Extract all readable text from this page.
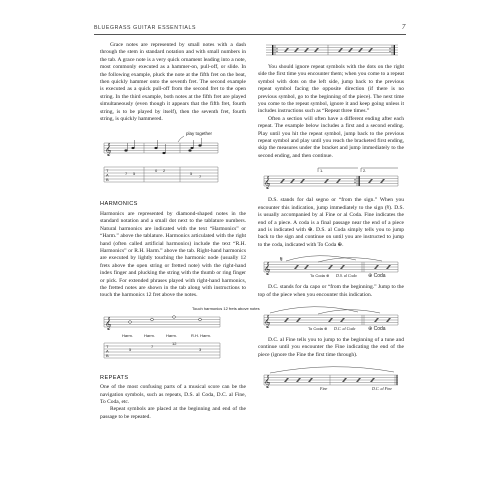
BLUEGRASS GUITAR ESSENTIALS	7

Grace notes are represented by small notes with a dash through the stem in standard notation and with small numbers in the tab. A grace note is a very quick ornament leading into a note, most commonly executed as a hammer-on, pull-off, or slide. In the following example, pluck the note at the fifth fret on the beat, then quickly hammer onto the seventh fret. The second example is executed as a quick pull-off from the second fret to the open string. In the third example, both notes at the fifth fret are played simultaneously (even though it appears that the fifth fret, fourth string, is to be played by itself), then the seventh fret, fourth string, is quickly hammered.

play together
𝄞
T
A
B
7 5
0 2
5
7
HARMONICS

Harmonics are represented by diamond-shaped notes in the standard notation and a small dot next to the tablature numbers. Natural harmonics are indicated with the text “Harmonics” or “Harm.” above the tablature. Harmonics articulated with the right hand (often called artificial harmonics) include the text “R.H. Harmonics” or R.H. Harm.” above the tab. Right-hand harmonics are executed by lightly touching the harmonic node (usually 12 frets above the open string or fretted note) with the right-hand index finger and plucking the string with the thumb or ring finger or pick. For extended phrases played with right-hand harmonics, the fretted notes are shown in the tab along with instructions to touch the harmonics 12 fret above the notes.

Touch harmonics 12 frets above notes
𝄞
Harm.	Harm.	Harm.	R.H. Harm.
T
A
B
5
7
12
3
REPEATS

One of the most confusing parts of a musical score can be the navigation symbols, such as repeats, D.S. al Coda, D.C. al Fine, To Coda, etc.

Repeat symbols are placed at the beginning and end of the passage to be repeated.

You should ignore repeat symbols with the dots on the right side the first time you encounter them; when you come to a repeat symbol with dots on the left side, jump back to the previous repeat symbol facing the opposite direction (if there is no previous symbol, go to the beginning of the piece). The next time you come to the repeat symbol, ignore it and keep going unless it includes instructions such as “Repeat three times.”

Often a section will often have a different ending after each repeat. The example below includes a first and a second ending. Play until you hit the repeat symbol, jump back to the previous repeat symbol and play until you reach the bracketed first ending, skip the measures under the bracket and jump immediately to the second ending, and then continue.

1.	2.
𝄞

D.S. stands for dal segno or “from the sign.” When you encounter this indication, jump immediately to the sign (𝄋). D.S. is usually accompanied by al Fine or al Coda. Fine indicates the end of a piece. A coda is a final passage near the end of a piece and is indicated with ⊕. D.S. al Coda simply tells you to jump back to the sign and continue on until you are instructed to jump to the coda, indicated with To Coda ⊕.

𝄞
𝄋
To Coda ⊕ D.S. al Coda ⊕ Coda

D.C. stands for da capo or “from the beginning.” Jump to the top of the piece when you encounter this indication.

𝄞
To Coda ⊕ D.C. al Coda	⊕ Coda

D.C. al Fine tells you to jump to the beginning of a tune and continue until you encounter the Fine indicating the end of the piece (ignore the Fine the first time through).

𝄞
Fine	D.C. al Fine
